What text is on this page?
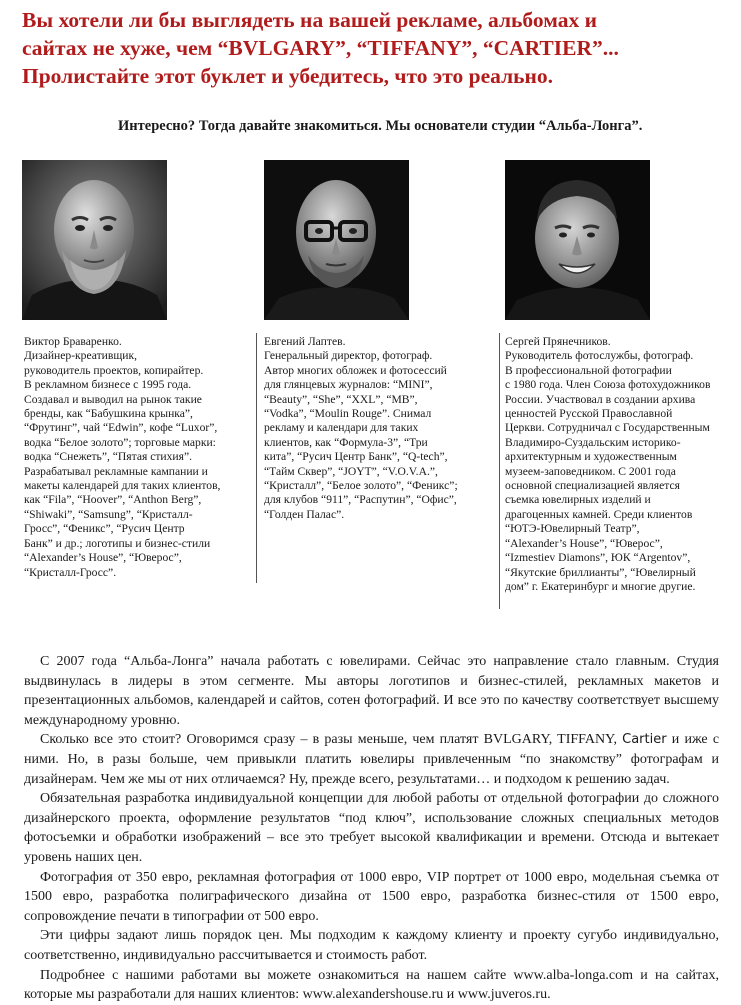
Вы хотели ли бы выглядеть на вашей рекламе, альбомах и
сайтах не хуже, чем “BVLGARY”, “TIFFANY”, “CARTIER”...
Пролистайте этот буклет и убедитесь, что это реально.
Интересно? Тогда давайте знакомиться. Мы основатели студии “Альба-Лонга”.
Виктор Браваренко.
Дизайнер-креативщик,
руководитель проектов, копирайтер.
В рекламном бизнесе с 1995 года.
Создавал и выводил на рынок такие
бренды, как “Бабушкина крынка”,
“Фрутинг”, чай “Edwin”, кофе “Luxor”,
водка “Белое золото”; торговые марки:
водка “Снежеть”, “Пятая стихия”.
Разрабатывал рекламные кампании и
макеты календарей для таких клиентов,
как “Fila”, “Hoover”, “Anthon Berg”,
“Shiwaki”, “Samsung”, “Кристалл-
Гросс”, “Феникс”, “Русич Центр
Банк” и др.; логотипы и бизнес-стили
“Alexander’s House”, “Юверос”,
“Кристалл-Гросс”.
Евгений Лаптев.
Генеральный директор, фотограф.
Автор многих обложек и фотосессий
для глянцевых журналов: “MINI”,
“Beauty”, “She”, “XXL”, “MB”,
“Vodka”, “Moulin Rouge”. Снимал
рекламу и календари для таких
клиентов, как “Формула-3”, “Три
кита”, “Русич Центр Банк”, “Q-tech”,
“Тайм Сквер”, “JOYT”, “V.O.V.A.”,
“Кристалл”, “Белое золото”, “Феникс”;
для клубов “911”, “Распутин”, “Офис”,
“Голден Палас”.
Сергей Прянечников.
Руководитель фотослужбы, фотограф.
В профессиональной фотографии
с 1980 года. Член Союза фотохудожников
России. Участвовал в создании архива
ценностей Русской Православной
Церкви. Сотрудничал с Государственным
Владимиро-Суздальским историко-
архитектурным и художественным
музеем-заповедником. С 2001 года
основной специализацией является
съемка ювелирных изделий и
драгоценных камней. Среди клиентов
“ЮТЭ-Ювелирный Театр”,
“Alexander’s House”, “Юверос”,
“Izmestiev Diamons”, ЮК “Argentov”,
“Якутские бриллианты”, “Ювелирный
дом” г. Екатеринбург и многие другие.

С 2007 года “Альба-Лонга” начала работать с ювелирами. Сейчас это направление стало главным. Студия выдвинулась в лидеры в этом сегменте. Мы авторы логотипов и бизнес-стилей, рекламных макетов и презентационных альбомов, календарей и сайтов, сотен фотографий. И все это по качеству соответствует высшему международному уровню.

Сколько все это стоит? Оговоримся сразу – в разы меньше, чем платят BVLGARY, TIFFANY, Cartier и иже с ними. Но, в разы больше, чем привыкли платить ювелиры привлеченным “по знакомству” фотографам и дизайнерам. Чем же мы от них отличаемся? Ну, прежде всего, результатами… и подходом к решению задач.

Обязательная разработка индивидуальной концепции для любой работы от отдельной фотографии до сложного дизайнерского проекта, оформление результатов “под ключ”, использование сложных специальных методов фотосъемки и обработки изображений – все это требует высокой квалификации и времени. Отсюда и вытекает уровень наших цен.

Фотография от 350 евро, рекламная фотография от 1000 евро, VIP портрет от 1000 евро, модельная съемка от 1500 евро, разработка полиграфического дизайна от 1500 евро, разработка бизнес-стиля от 1500 евро, сопровождение печати в типографии от 500 евро.

Эти цифры задают лишь порядок цен. Мы подходим к каждому клиенту и проекту сугубо индивидуально, соответственно, индивидуально рассчитывается и стоимость работ.

Подробнее с нашими работами вы можете ознакомиться на нашем сайте www.alba-longa.com и на сайтах, которые мы разработали для наших клиентов: www.alexandershouse.ru и www.juveros.ru.
